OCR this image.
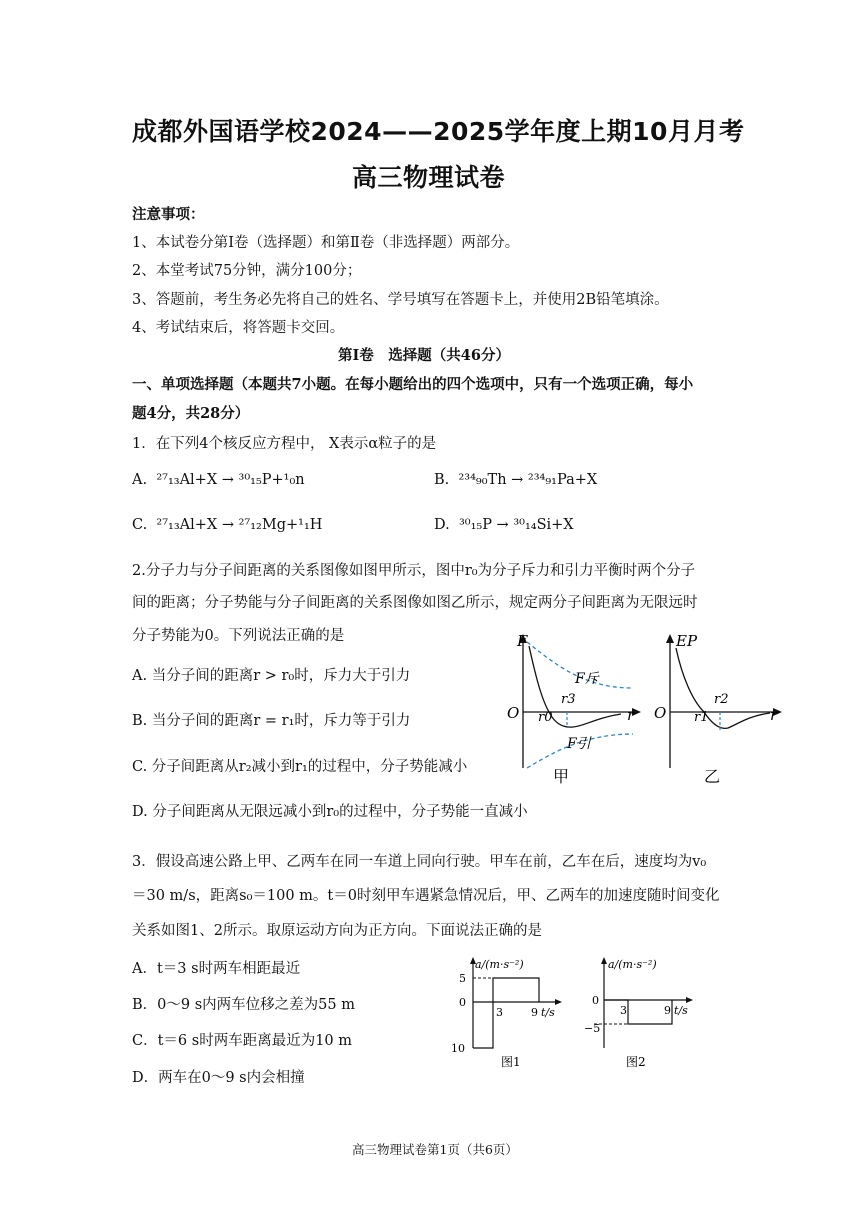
成都外国语学校2024——2025学年度上期10月月考
高三物理试卷
注意事项：
1、本试卷分第Ⅰ卷（选择题）和第Ⅱ卷（非选择题）两部分。
2、本堂考试75分钟，满分100分；
3、答题前，考生务必先将自己的姓名、学号填写在答题卡上，并使用2B铅笔填涂。
4、考试结束后，将答题卡交回。
第Ⅰ卷　选择题（共46分）
一、单项选择题（本题共7小题。在每小题给出的四个选项中，只有一个选项正确，每小
题4分，共28分）
1．在下列4个核反应方程中， X表示α粒子的是
A. ²⁷₁₃Al+X → ³⁰₁₅P+¹₀n	B. ²³⁴₉₀Th → ²³⁴₉₁Pa+X
C. ²⁷₁₃Al+X → ²⁷₁₂Mg+¹₁H	D. ³⁰₁₅P → ³⁰₁₄Si+X
2.分子力与分子间距离的关系图像如图甲所示，图中r₀为分子斥力和引力平衡时两个分子
间的距离；分子势能与分子间距离的关系图像如图乙所示，规定两分子间距离为无限远时
分子势能为0。下列说法正确的是
A. 当分子间的距离r > r₀时，斥力大于引力
B. 当分子间的距离r = r₁时，斥力等于引力
C. 分子间距离从r₂减小到r₁的过程中，分子势能减小
D. 分子间距离从无限远减小到r₀的过程中，分子势能一直减小
F
O	r
F斥
r3
r0
F引
甲
EP
O	r
r2
r1
乙
3．假设高速公路上甲、乙两车在同一车道上同向行驶。甲车在前，乙车在后，速度均为v₀
＝30 m/s，距离s₀＝100 m。t＝0时刻甲车遇紧急情况后，甲、乙两车的加速度随时间变化
关系如图1、2所示。取原运动方向为正方向。下面说法正确的是
A．t＝3 s时两车相距最近
B．0～9 s内两车位移之差为55 m
C．t＝6 s时两车距离最近为10 m
D．两车在0～9 s内会相撞
a/(m·s⁻²)
5
0
10
3	9 t/s
图1
a/(m·s⁻²)
0
−5
3	9 t/s
图2
高三物理试卷第1页（共6页）
